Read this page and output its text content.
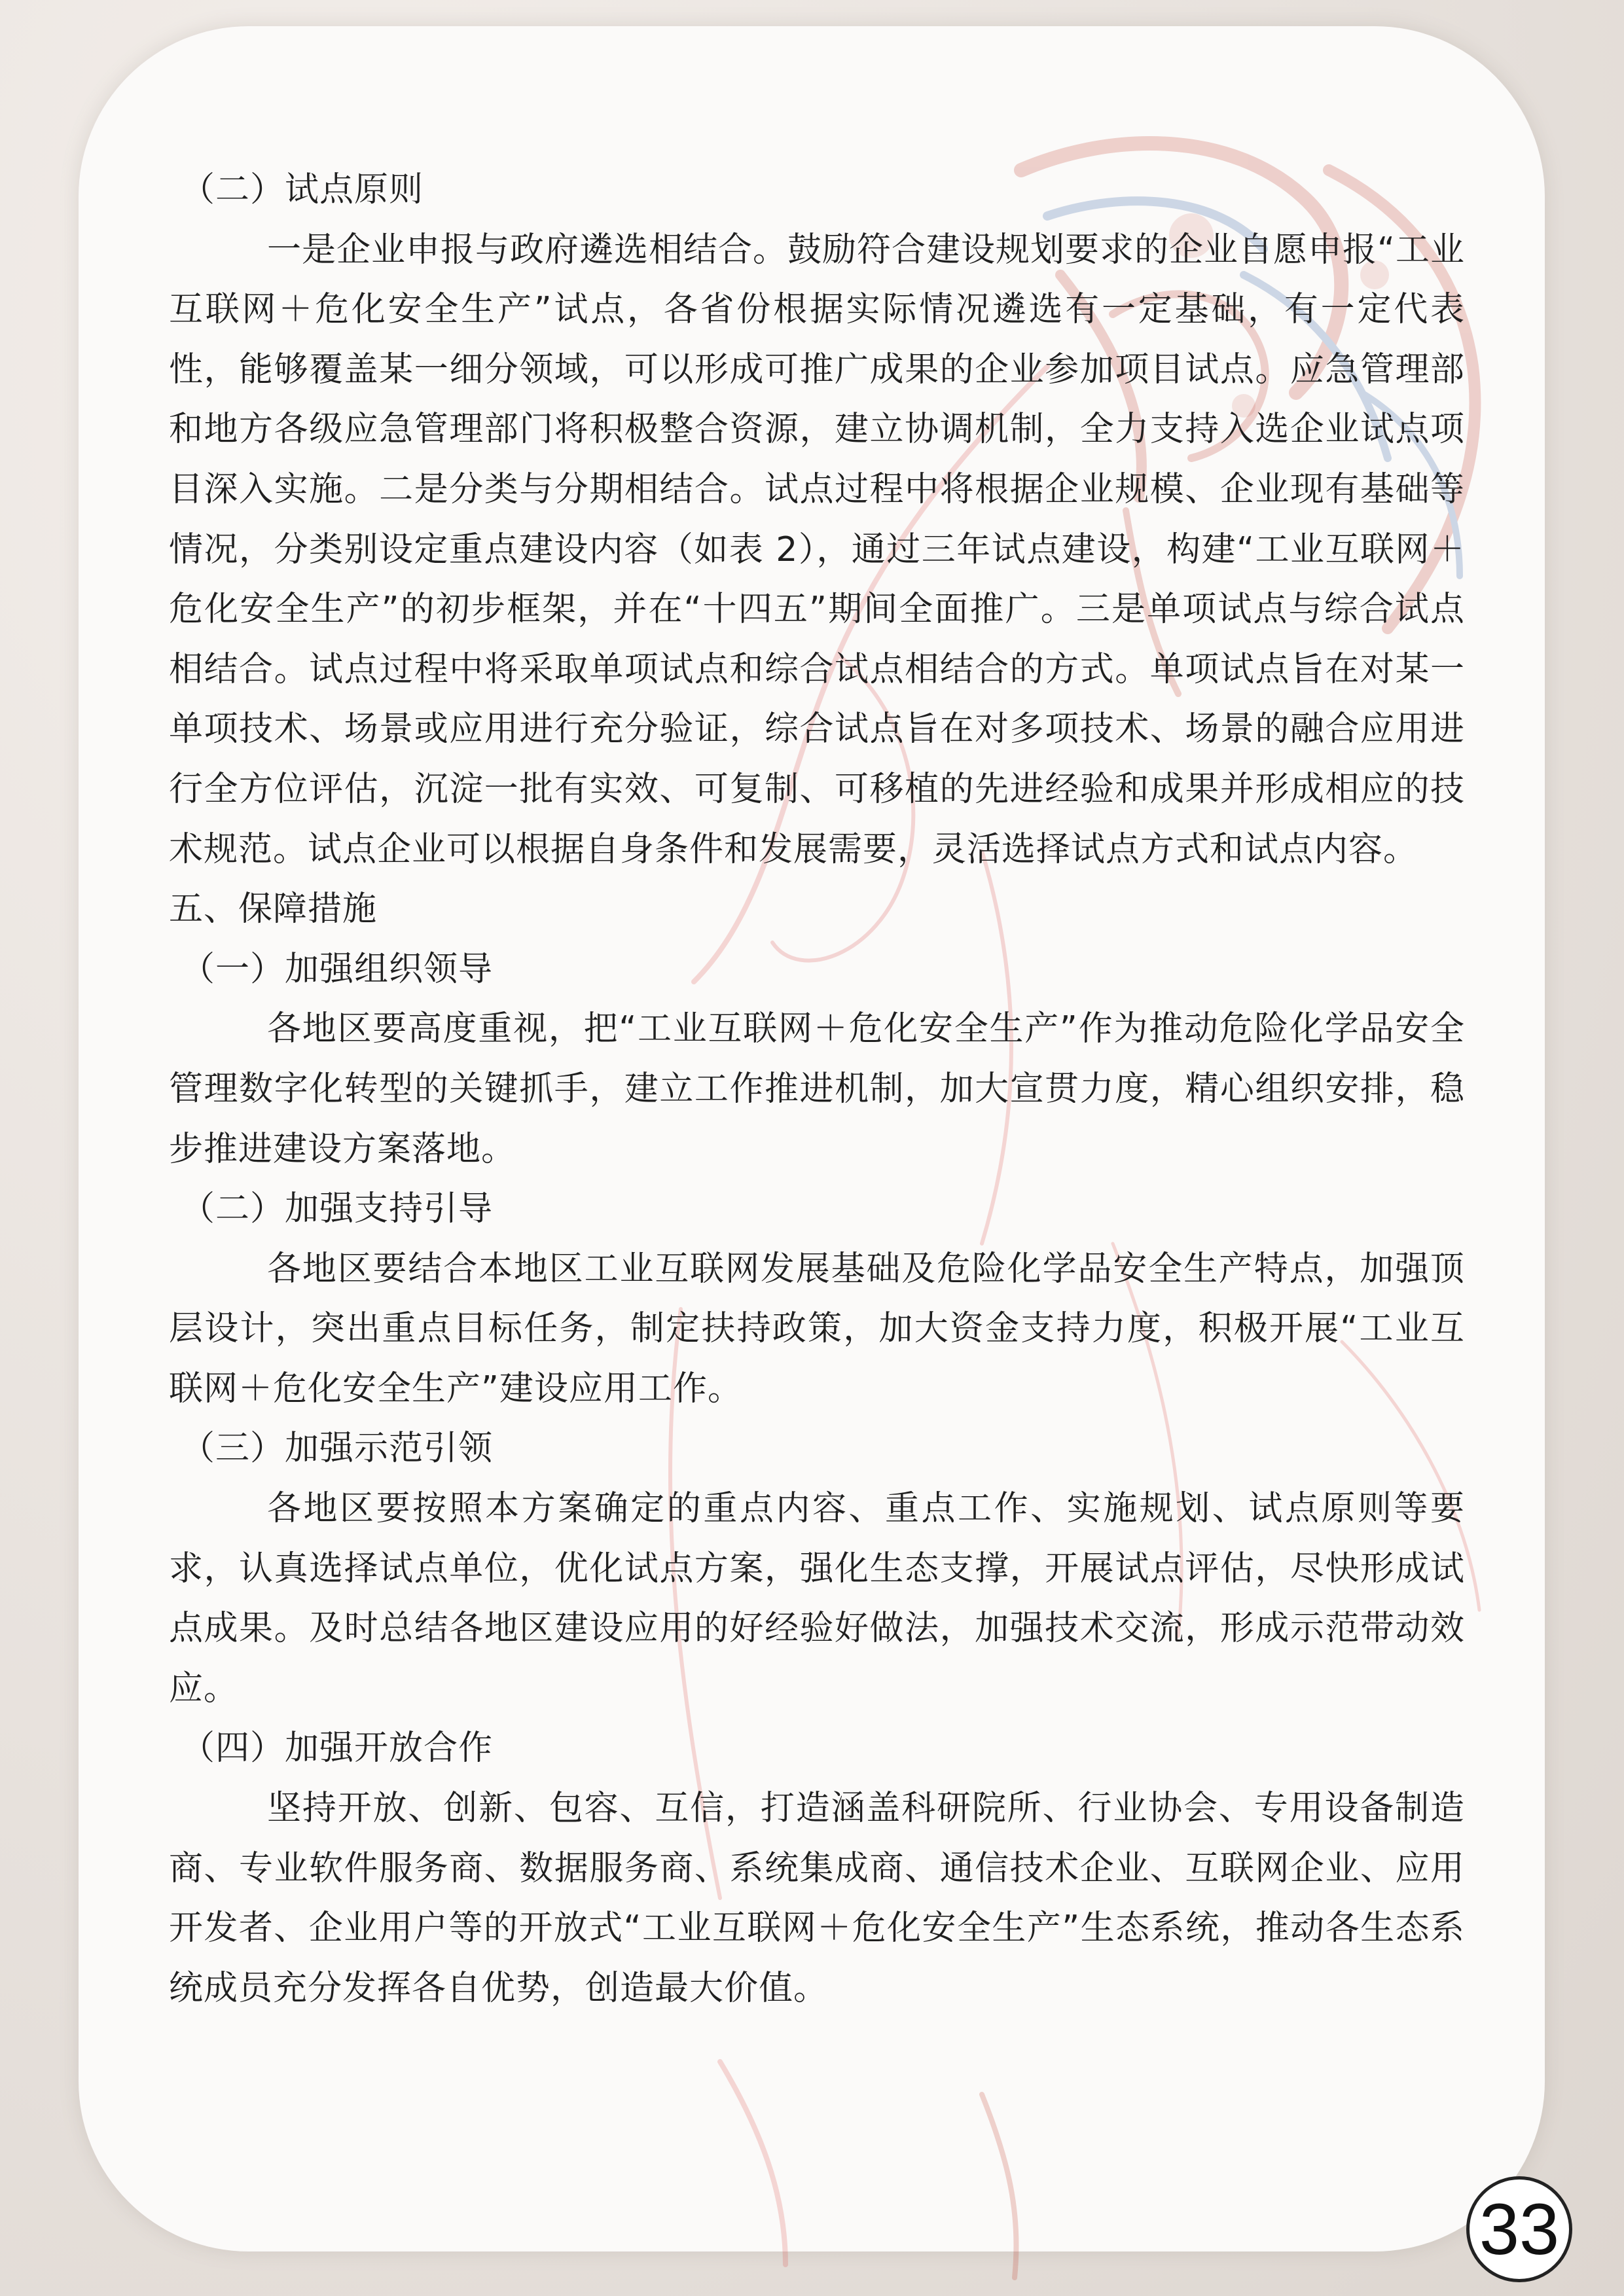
（二）试点原则

一是企业申报与政府遴选相结合。鼓励符合建设规划要求的企业自愿申报“工业互联网＋危化安全生产”试点，各省份根据实际情况遴选有一定基础，有一定代表性，能够覆盖某一细分领域，可以形成可推广成果的企业参加项目试点。应急管理部和地方各级应急管理部门将积极整合资源，建立协调机制，全力支持入选企业试点项目深入实施。二是分类与分期相结合。试点过程中将根据企业规模、企业现有基础等情况，分类别设定重点建设内容（如表 2），通过三年试点建设，构建“工业互联网＋危化安全生产”的初步框架，并在“十四五”期间全面推广。三是单项试点与综合试点相结合。试点过程中将采取单项试点和综合试点相结合的方式。单项试点旨在对某一单项技术、场景或应用进行充分验证，综合试点旨在对多项技术、场景的融合应用进行全方位评估，沉淀一批有实效、可复制、可移植的先进经验和成果并形成相应的技术规范。试点企业可以根据自身条件和发展需要，灵活选择试点方式和试点内容。

五、保障措施

（一）加强组织领导

各地区要高度重视，把“工业互联网＋危化安全生产”作为推动危险化学品安全管理数字化转型的关键抓手，建立工作推进机制，加大宣贯力度，精心组织安排，稳步推进建设方案落地。

（二）加强支持引导

各地区要结合本地区工业互联网发展基础及危险化学品安全生产特点，加强顶层设计，突出重点目标任务，制定扶持政策，加大资金支持力度，积极开展“工业互联网＋危化安全生产”建设应用工作。

（三）加强示范引领

各地区要按照本方案确定的重点内容、重点工作、实施规划、试点原则等要求，认真选择试点单位，优化试点方案，强化生态支撑，开展试点评估，尽快形成试点成果。及时总结各地区建设应用的好经验好做法，加强技术交流，形成示范带动效应。

（四）加强开放合作

坚持开放、创新、包容、互信，打造涵盖科研院所、行业协会、专用设备制造商、专业软件服务商、数据服务商、系统集成商、通信技术企业、互联网企业、应用开发者、企业用户等的开放式“工业互联网＋危化安全生产”生态系统，推动各生态系统成员充分发挥各自优势，创造最大价值。

33
